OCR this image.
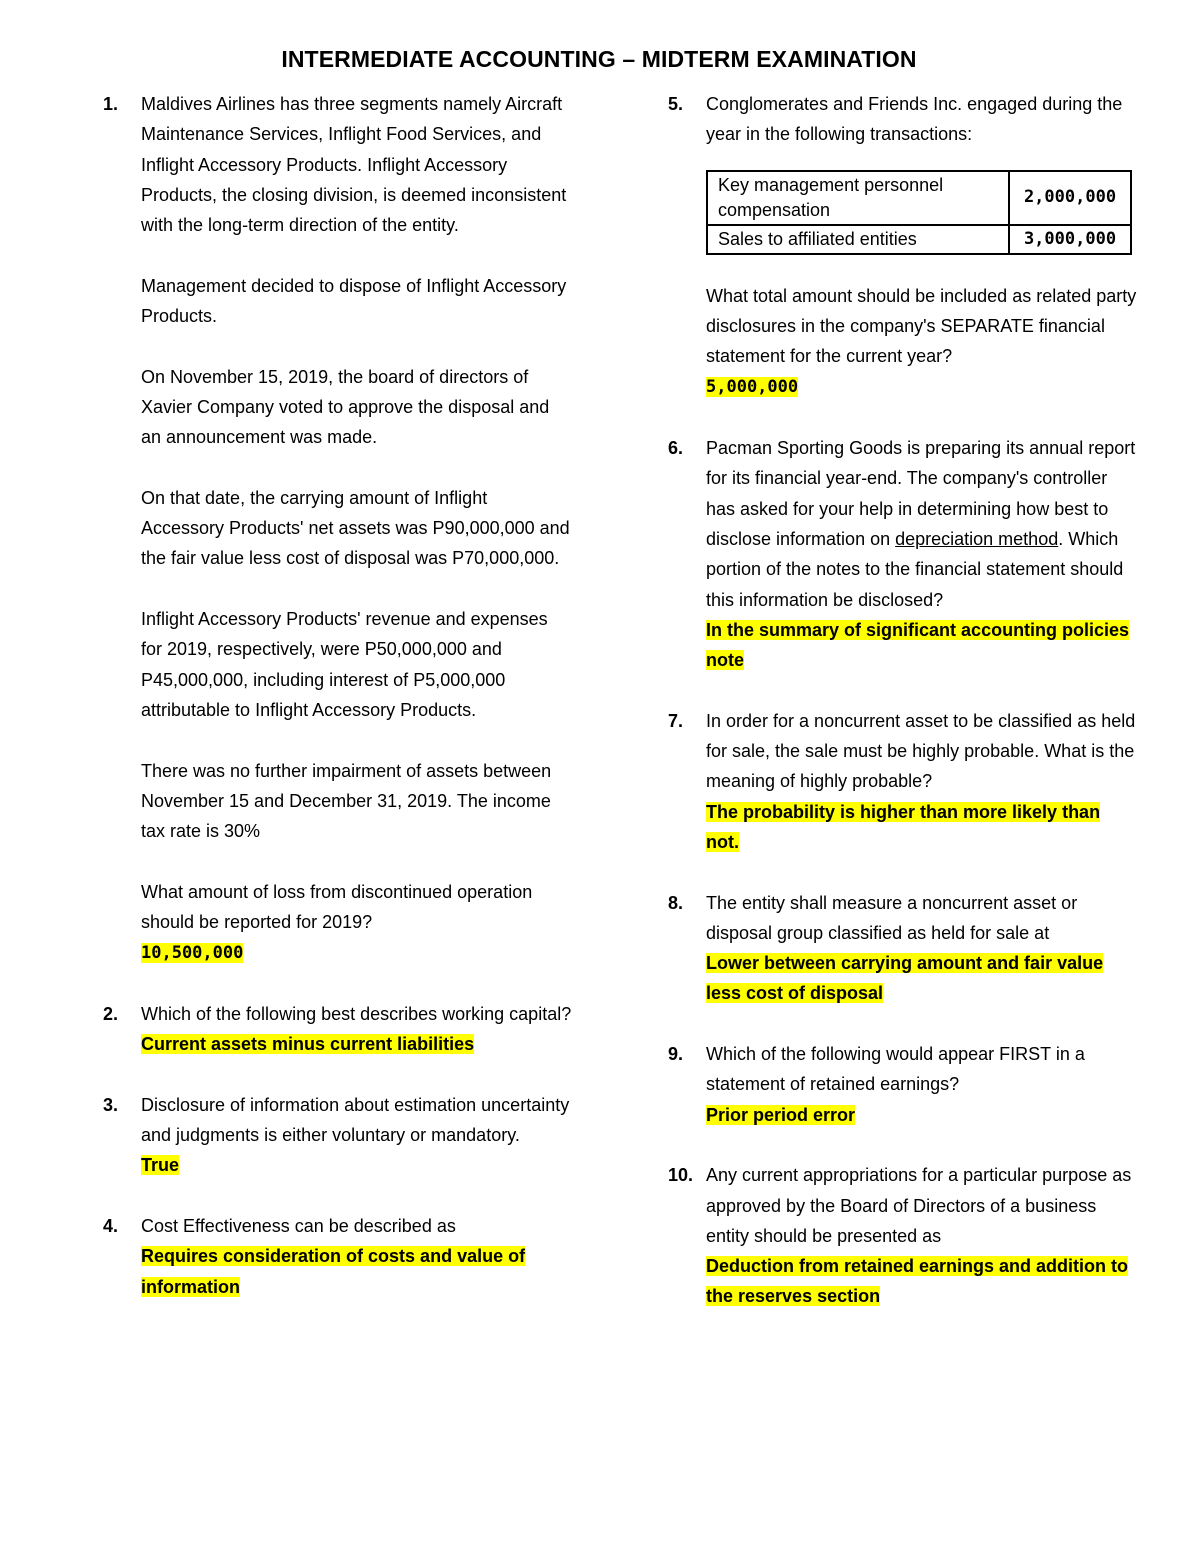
INTERMEDIATE ACCOUNTING – MIDTERM EXAMINATION
1. Maldives Airlines has three segments namely Aircraft Maintenance Services, Inflight Food Services, and Inflight Accessory Products. Inflight Accessory Products, the closing division, is deemed inconsistent with the long-term direction of the entity.

Management decided to dispose of Inflight Accessory Products.

On November 15, 2019, the board of directors of Xavier Company voted to approve the disposal and an announcement was made.

On that date, the carrying amount of Inflight Accessory Products' net assets was P90,000,000 and the fair value less cost of disposal was P70,000,000.

Inflight Accessory Products' revenue and expenses for 2019, respectively, were P50,000,000 and P45,000,000, including interest of P5,000,000 attributable to Inflight Accessory Products.

There was no further impairment of assets between November 15 and December 31, 2019. The income tax rate is 30%

What amount of loss from discontinued operation should be reported for 2019?

10,500,000

2. Which of the following best describes working capital?

Current assets minus current liabilities

3. Disclosure of information about estimation uncertainty and judgments is either voluntary or mandatory.

True

4. Cost Effectiveness can be described as

Requires consideration of costs and value of information

5. Conglomerates and Friends Inc. engaged during the year in the following transactions:

Key management personnel compensation	2,000,000
Sales to affiliated entities	3,000,000

What total amount should be included as related party disclosures in the company's SEPARATE financial statement for the current year?

5,000,000

6. Pacman Sporting Goods is preparing its annual report for its financial year-end. The company's controller has asked for your help in determining how best to disclose information on depreciation method. Which portion of the notes to the financial statement should this information be disclosed?

In the summary of significant accounting policies note

7. In order for a noncurrent asset to be classified as held for sale, the sale must be highly probable. What is the meaning of highly probable?

The probability is higher than more likely than not.

8. The entity shall measure a noncurrent asset or disposal group classified as held for sale at

Lower between carrying amount and fair value less cost of disposal

9. Which of the following would appear FIRST in a statement of retained earnings?

Prior period error

10. Any current appropriations for a particular purpose as approved by the Board of Directors of a business entity should be presented as

Deduction from retained earnings and addition to the reserves section
